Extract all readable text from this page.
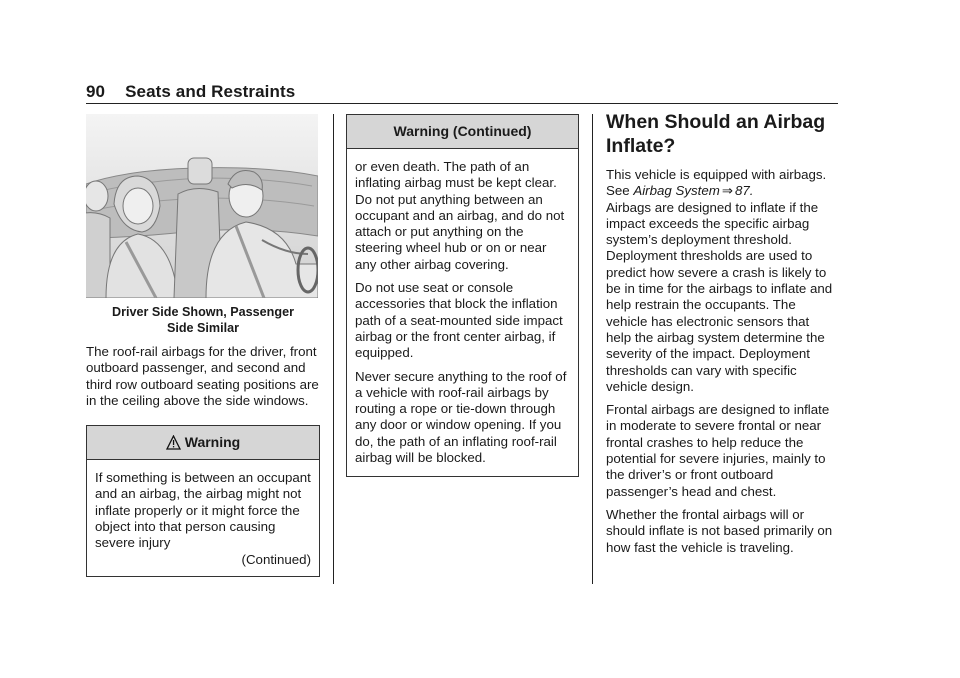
90 Seats and Restraints
Driver Side Shown, Passenger
Side Similar

The roof-rail airbags for the driver, front outboard passenger, and second and third row outboard seating positions are in the ceiling above the side windows.

Warning

If something is between an occupant and an airbag, the airbag might not inflate properly or it might force the object into that person causing severe injury

(Continued)
Warning (Continued)

or even death. The path of an inflating airbag must be kept clear. Do not put anything between an occupant and an airbag, and do not attach or put anything on the steering wheel hub or on or near any other airbag covering.

Do not use seat or console accessories that block the inflation path of a seat-mounted side impact airbag or the front center airbag, if equipped.

Never secure anything to the roof of a vehicle with roof-rail airbags by routing a rope or tie-down through any door or window opening. If you do, the path of an inflating roof-rail airbag will be blocked.

When Should an Airbag Inflate?

This vehicle is equipped with airbags. See Airbag System ⇒ 87.
Airbags are designed to inflate if the impact exceeds the specific airbag system’s deployment threshold. Deployment thresholds are used to predict how severe a crash is likely to be in time for the airbags to inflate and help restrain the occupants. The vehicle has electronic sensors that help the airbag system determine the severity of the impact. Deployment thresholds can vary with specific vehicle design.

Frontal airbags are designed to inflate in moderate to severe frontal or near frontal crashes to help reduce the potential for severe injuries, mainly to the driver’s or front outboard passenger’s head and chest.

Whether the frontal airbags will or should inflate is not based primarily on how fast the vehicle is traveling.
